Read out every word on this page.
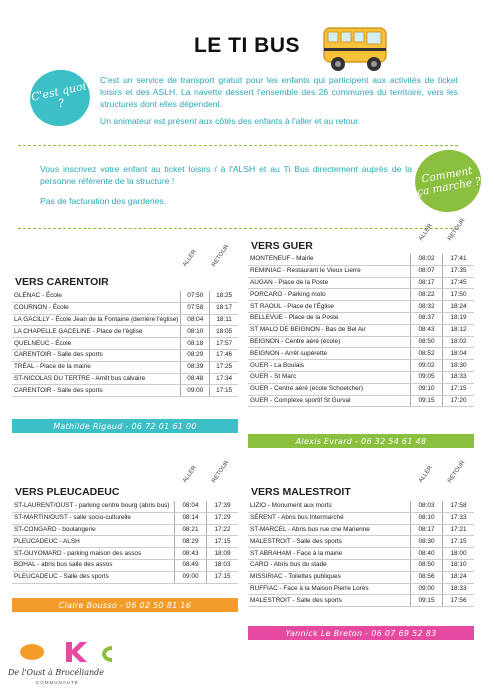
LE TI BUS
C'est quoi ?

C'est un service de transport gratuit pour les enfants qui participent aux activités de ticket loisirs et des ASLH. La navette dessert l'ensemble des 26 communes du territoire, vers les structures dont elles dépendent.

Un animateur est présent aux côtés des enfants à l'aller et au retour.

Vous inscrivez votre enfant au ticket loisirs / à l'ALSH et au Ti Bus directement auprès de la personne référente de la structure !

Pas de facturation des garderies.

Comment ça marche ?
ALLER RETOUR
VERS CARENTOIR
GLÉNAC - École	07:50	18:25
COURNON - École	07:58	18:17
LA GACILLY - École Jean de la Fontaine (derrière l'église)	08:04	18:11
LA CHAPELLE GACELINE - Place de l'église	08:10	18:05
QUELNEUC - École	08:18	17:57
CARENTOIR - Salle des sports	08:29	17:46
TRÉAL - Place de la mairie	08:39	17:25
ST-NICOLAS DU TERTRE - Arrêt bus calvaire	08:48	17:34
CARENTOIR - Salle des sports	09:00	17:15
Mathilde Rigaud - 06 72 01 61 00
ALLER RETOUR
VERS GUER
MONTENEUF - Mairie	08:02	17:41
REMINIAC - Restaurant le Vieux Lierre	08:07	17:35
AUGAN - Place de la Poste	08:17	17:45
PORCARO - Parking moto	08:22	17:50
ST RAOUL - Place de l'Église	08:32	18:24
BELLEVUE - Place de la Poste	08:37	18:19
ST MALO DE BEIGNON - Bas de Bel Air	08:43	18:12
BEIGNON - Centre aéré (école)	08:50	18:02
BEIGNON - Arrêt supérette	08:52	18:04
GUER - La Boulais	09:02	18:30
GUER - St Marc	09:05	18:33
GUER - Centre aéré (école Schoelcher)	09:10	17:15
GUER - Complexe sportif St Gurval	09:15	17:20
Alexis Evrard - 06 32 54 61 48
ALLER RETOUR
VERS PLEUCADEUC
ST-LAURENT/OUST - parking centre bourg (abris bus)	08:04	17:39
ST-MARTIN/OUST - salle socio-culturelle	08:14	17:29
ST-CONGARD - boulangerie	08:21	17:22
PLEUCADEUC - ALSH	08:29	17:15
ST-GUYOMARD - parking maison des assos	08:43	18:09
BOHAL - abris bus salle des assos	08:49	18:03
PLEUCADEUC - Salle des sports	09:00	17:15
Claire Bousso - 06 02 50 81 16
ALLER RETOUR
VERS MALESTROIT
LIZIO - Monument aux morts	08:03	17:58
SÉRENT - Abris bus Intermarché	08:10	17:33
ST-MARCEL - Abris bus rue cne Marienne	08:17	17:21
MALESTROIT - Salle des sports	08:30	17:15
ST ABRAHAM - Face à la mairie	08:40	18:00
CARO - Abris bus du stade	08:50	18:10
MISSIRIAC - Toilettes publiques	08:56	18:24
RUFFIAC - Face à la Maison Pierre Lorès	09:00	18:33
MALESTROIT - Salle des sports	09:15	17:56
Yannick Le Breton - 06 07 69 52 83
De l'Oust à Brocéliande
COMMUNAUTÉ
